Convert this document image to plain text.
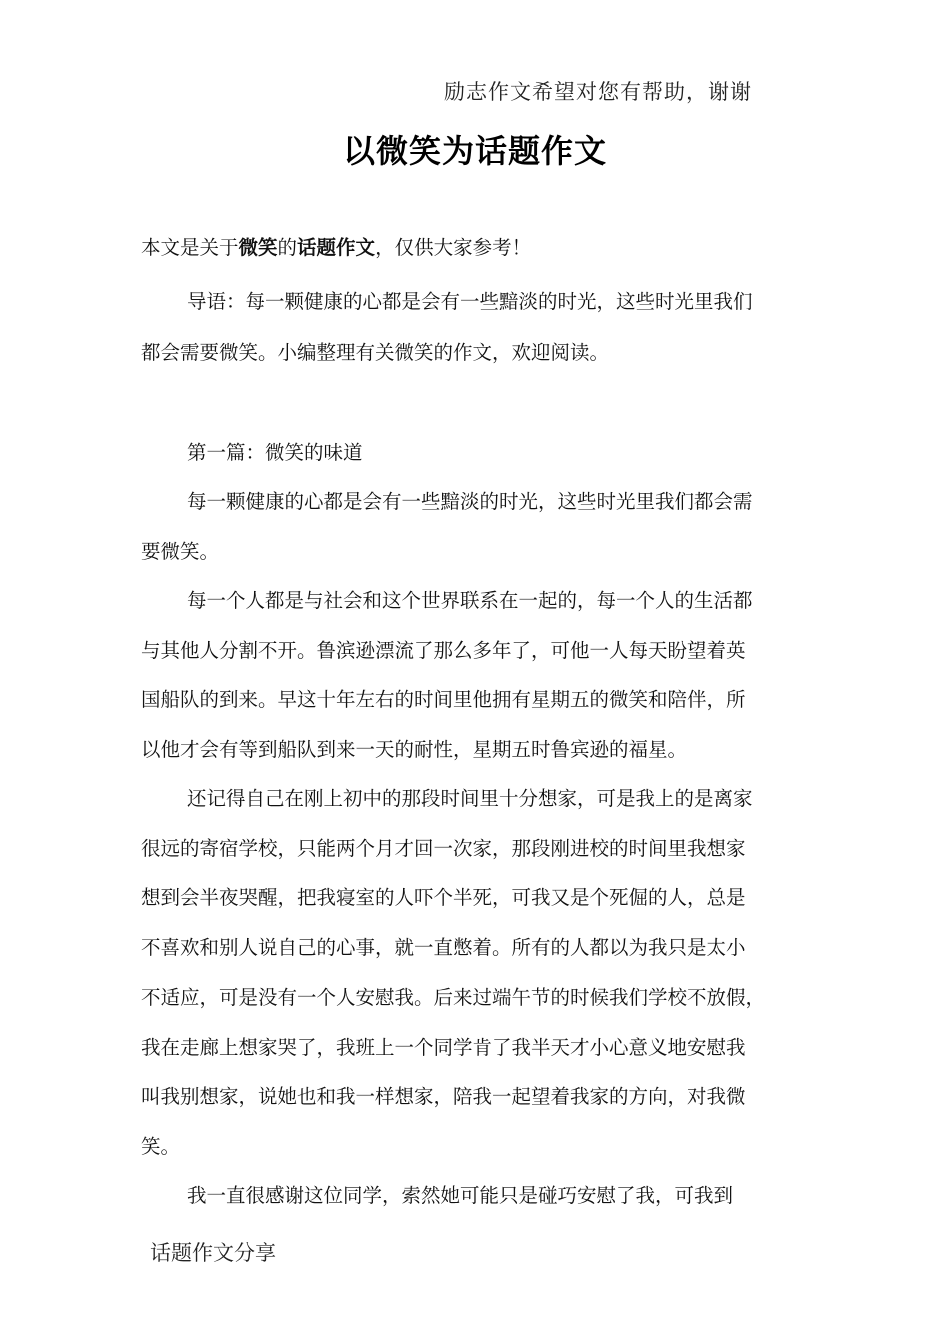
励志作文希望对您有帮助，谢谢
以微笑为话题作文
本文是关于微笑的话题作文，仅供大家参考！
导语：每一颗健康的心都是会有一些黯淡的时光，这些时光里我们
都会需要微笑。小编整理有关微笑的作文，欢迎阅读。
第一篇：微笑的味道
每一颗健康的心都是会有一些黯淡的时光，这些时光里我们都会需
要微笑。
每一个人都是与社会和这个世界联系在一起的，每一个人的生活都
与其他人分割不开。鲁滨逊漂流了那么多年了，可他一人每天盼望着英
国船队的到来。早这十年左右的时间里他拥有星期五的微笑和陪伴，所
以他才会有等到船队到来一天的耐性，星期五时鲁宾逊的福星。
还记得自己在刚上初中的那段时间里十分想家，可是我上的是离家
很远的寄宿学校，只能两个月才回一次家，那段刚进校的时间里我想家
想到会半夜哭醒，把我寝室的人吓个半死，可我又是个死倔的人，总是
不喜欢和别人说自己的心事，就一直憋着。所有的人都以为我只是太小
不适应，可是没有一个人安慰我。后来过端午节的时候我们学校不放假，
我在走廊上想家哭了，我班上一个同学肯了我半天才小心意义地安慰我
叫我别想家，说她也和我一样想家，陪我一起望着我家的方向，对我微
笑。
我一直很感谢这位同学，索然她可能只是碰巧安慰了我，可我到
话题作文分享
